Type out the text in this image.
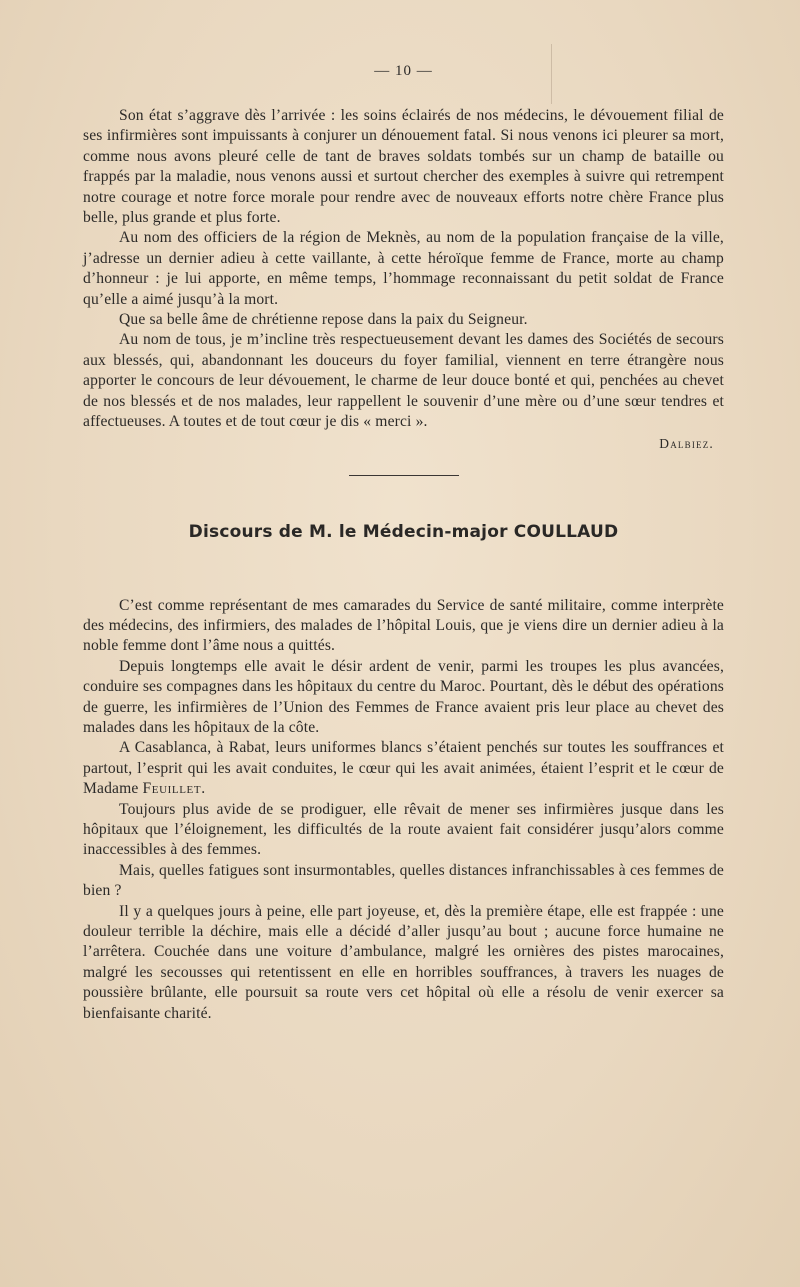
— 10 —

Son état s’aggrave dès l’arrivée : les soins éclairés de nos médecins, le dévouement filial de ses infirmières sont impuissants à conjurer un dénouement fatal. Si nous venons ici pleurer sa mort, comme nous avons pleuré celle de tant de braves soldats tombés sur un champ de bataille ou frappés par la maladie, nous venons aussi et surtout chercher des exemples à suivre qui retrempent notre courage et notre force morale pour rendre avec de nouveaux efforts notre chère France plus belle, plus grande et plus forte.

Au nom des officiers de la région de Meknès, au nom de la population française de la ville, j’adresse un dernier adieu à cette vaillante, à cette héroïque femme de France, morte au champ d’honneur : je lui apporte, en même temps, l’hommage reconnaissant du petit soldat de France qu’elle a aimé jusqu’à la mort.

Que sa belle âme de chrétienne repose dans la paix du Seigneur.

Au nom de tous, je m’incline très respectueusement devant les dames des Sociétés de secours aux blessés, qui, abandonnant les douceurs du foyer familial, viennent en terre étrangère nous apporter le concours de leur dévouement, le charme de leur douce bonté et qui, penchées au chevet de nos blessés et de nos malades, leur rappellent le souvenir d’une mère ou d’une sœur tendres et affectueuses. A toutes et de tout cœur je dis « merci ».

Dalbiez.
Discours de M. le Médecin-major COULLAUD

C’est comme représentant de mes camarades du Service de santé militaire, comme interprète des médecins, des infirmiers, des malades de l’hôpital Louis, que je viens dire un dernier adieu à la noble femme dont l’âme nous a quittés.

Depuis longtemps elle avait le désir ardent de venir, parmi les troupes les plus avancées, conduire ses compagnes dans les hôpitaux du centre du Maroc. Pourtant, dès le début des opérations de guerre, les infirmières de l’Union des Femmes de France avaient pris leur place au chevet des malades dans les hôpitaux de la côte.

A Casablanca, à Rabat, leurs uniformes blancs s’étaient penchés sur toutes les souffrances et partout, l’esprit qui les avait conduites, le cœur qui les avait animées, étaient l’esprit et le cœur de Madame Feuillet.

Toujours plus avide de se prodiguer, elle rêvait de mener ses infirmières jusque dans les hôpitaux que l’éloignement, les difficultés de la route avaient fait considérer jusqu’alors comme inaccessibles à des femmes.

Mais, quelles fatigues sont insurmontables, quelles distances infranchissables à ces femmes de bien ?

Il y a quelques jours à peine, elle part joyeuse, et, dès la première étape, elle est frappée : une douleur terrible la déchire, mais elle a décidé d’aller jusqu’au bout ; aucune force humaine ne l’arrêtera. Couchée dans une voiture d’ambulance, malgré les ornières des pistes marocaines, malgré les secousses qui retentissent en elle en horribles souffrances, à travers les nuages de poussière brûlante, elle poursuit sa route vers cet hôpital où elle a résolu de venir exercer sa bienfaisante charité.
